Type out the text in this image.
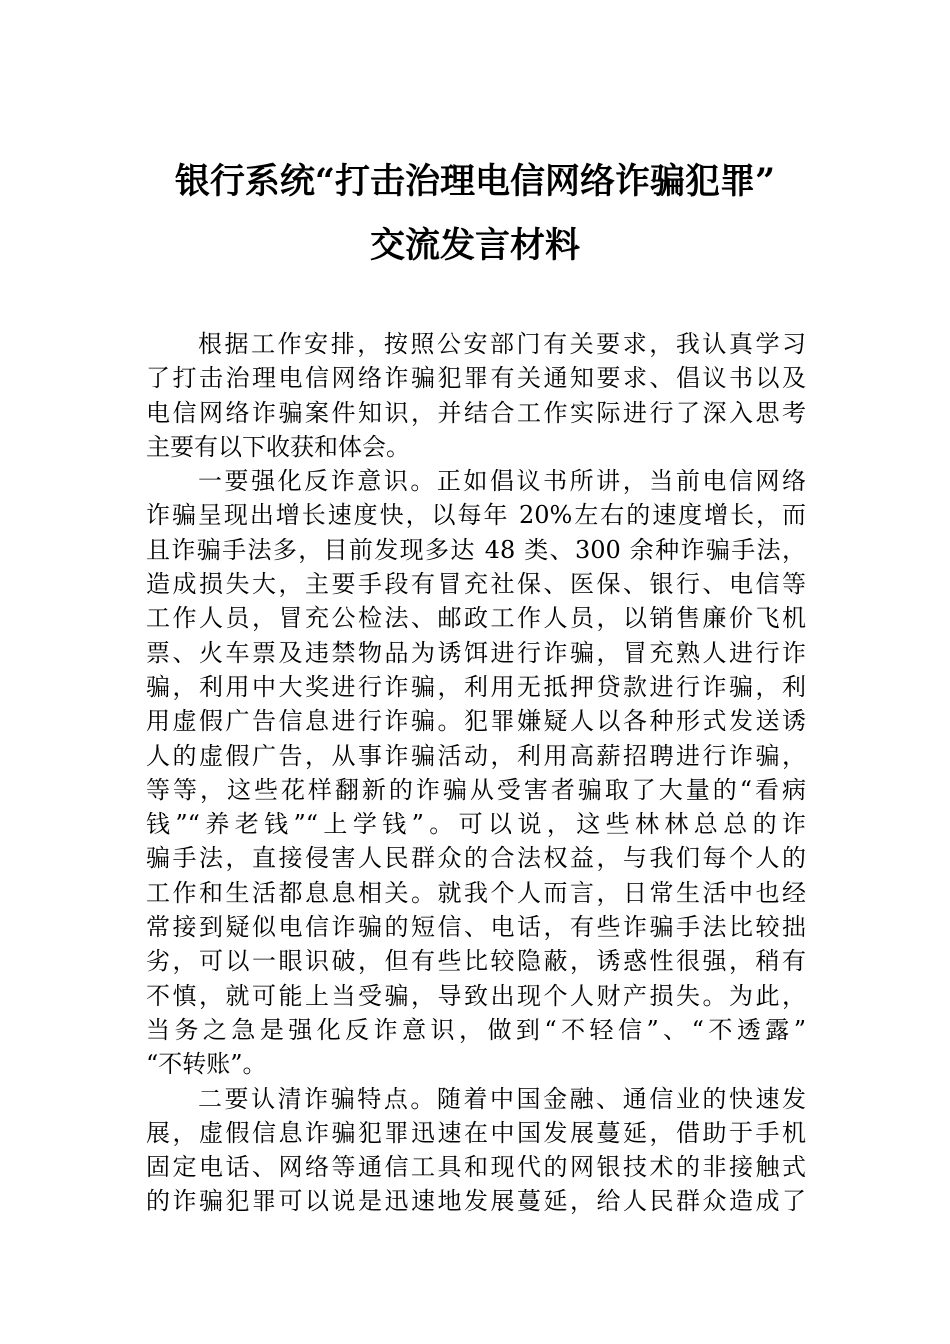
银行系统“打击治理电信网络诈骗犯罪”
交流发言材料
根据工作安排，按照公安部门有关要求，我认真学习
了打击治理电信网络诈骗犯罪有关通知要求、倡议书以及
电信网络诈骗案件知识，并结合工作实际进行了深入思考
主要有以下收获和体会。
一要强化反诈意识。正如倡议书所讲，当前电信网络
诈骗呈现出增长速度快，以每年 20%左右的速度增长，而
且诈骗手法多，目前发现多达 48 类、300 余种诈骗手法，
造成损失大，主要手段有冒充社保、医保、银行、电信等
工作人员，冒充公检法、邮政工作人员，以销售廉价飞机
票、火车票及违禁物品为诱饵进行诈骗，冒充熟人进行诈
骗，利用中大奖进行诈骗，利用无抵押贷款进行诈骗，利
用虚假广告信息进行诈骗。犯罪嫌疑人以各种形式发送诱
人的虚假广告，从事诈骗活动，利用高薪招聘进行诈骗，
等等，这些花样翻新的诈骗从受害者骗取了大量的“看病
钱”“养老钱”“上学钱”。可以说，这些林林总总的诈
骗手法，直接侵害人民群众的合法权益，与我们每个人的
工作和生活都息息相关。就我个人而言，日常生活中也经
常接到疑似电信诈骗的短信、电话，有些诈骗手法比较拙
劣，可以一眼识破，但有些比较隐蔽，诱惑性很强，稍有
不慎，就可能上当受骗，导致出现个人财产损失。为此，
当务之急是强化反诈意识，做到“不轻信”、“不透露”
“不转账”。
二要认清诈骗特点。随着中国金融、通信业的快速发
展，虚假信息诈骗犯罪迅速在中国发展蔓延，借助于手机
固定电话、网络等通信工具和现代的网银技术的非接触式
的诈骗犯罪可以说是迅速地发展蔓延，给人民群众造成了
